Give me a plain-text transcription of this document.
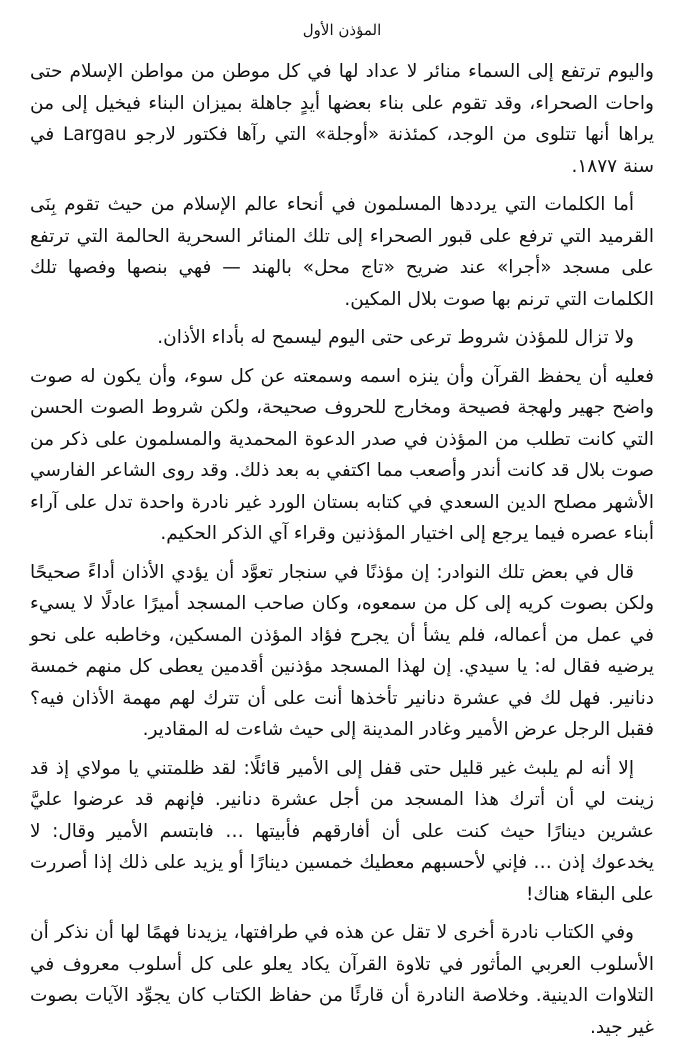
المؤذن الأول

واليوم ترتفع إلى السماء منائر لا عداد لها في كل موطن من مواطن الإسلام حتى واحات الصحراء، وقد تقوم على بناء بعضها أيدٍ جاهلة بميزان البناء فيخيل إلى من يراها أنها تتلوى من الوجد، كمئذنة «أوجلة» التي رآها فكتور لارجو Largau في سنة ١٨٧٧.

أما الكلمات التي يرددها المسلمون في أنحاء عالم الإسلام من حيث تقوم بِنَى القرميد التي ترفع على قبور الصحراء إلى تلك المنائر السحرية الحالمة التي ترتفع على مسجد «أجرا» عند ضريح «تاج محل» بالهند — فهي بنصها وفصها تلك الكلمات التي ترنم بها صوت بلال المكين.

ولا تزال للمؤذن شروط ترعى حتى اليوم ليسمح له بأداء الأذان.

فعليه أن يحفظ القرآن وأن ينزه اسمه وسمعته عن كل سوء، وأن يكون له صوت واضح جهير ولهجة فصيحة ومخارج للحروف صحيحة، ولكن شروط الصوت الحسن التي كانت تطلب من المؤذن في صدر الدعوة المحمدية والمسلمون على ذكر من صوت بلال قد كانت أندر وأصعب مما اكتفي به بعد ذلك. وقد روى الشاعر الفارسي الأشهر مصلح الدين السعدي في كتابه بستان الورد غير نادرة واحدة تدل على آراء أبناء عصره فيما يرجع إلى اختيار المؤذنين وقراء آي الذكر الحكيم.

قال في بعض تلك النوادر: إن مؤذنًا في سنجار تعوَّد أن يؤدي الأذان أداءً صحيحًا ولكن بصوت كريه إلى كل من سمعوه، وكان صاحب المسجد أميرًا عادلًا لا يسيء في عمل من أعماله، فلم يشأ أن يجرح فؤاد المؤذن المسكين، وخاطبه على نحو يرضيه فقال له: يا سيدي. إن لهذا المسجد مؤذنين أقدمين يعطى كل منهم خمسة دنانير. فهل لك في عشرة دنانير تأخذها أنت على أن تترك لهم مهمة الأذان فيه؟ فقبل الرجل عرض الأمير وغادر المدينة إلى حيث شاءت له المقادير.

إلا أنه لم يلبث غير قليل حتى قفل إلى الأمير قائلًا: لقد ظلمتني يا مولاي إذ قد زينت لي أن أترك هذا المسجد من أجل عشرة دنانير. فإنهم قد عرضوا عليَّ عشرين دينارًا حيث كنت على أن أفارقهم فأبيتها … فابتسم الأمير وقال: لا يخدعوك إذن … فإني لأحسبهم معطيك خمسين دينارًا أو يزيد على ذلك إذا أصررت على البقاء هناك!

وفي الكتاب نادرة أخرى لا تقل عن هذه في طرافتها، يزيدنا فهمًا لها أن نذكر أن الأسلوب العربي المأثور في تلاوة القرآن يكاد يعلو على كل أسلوب معروف في التلاوات الدينية. وخلاصة النادرة أن قارئًا من حفاظ الكتاب كان يجوِّد الآيات بصوت غير جيد.
